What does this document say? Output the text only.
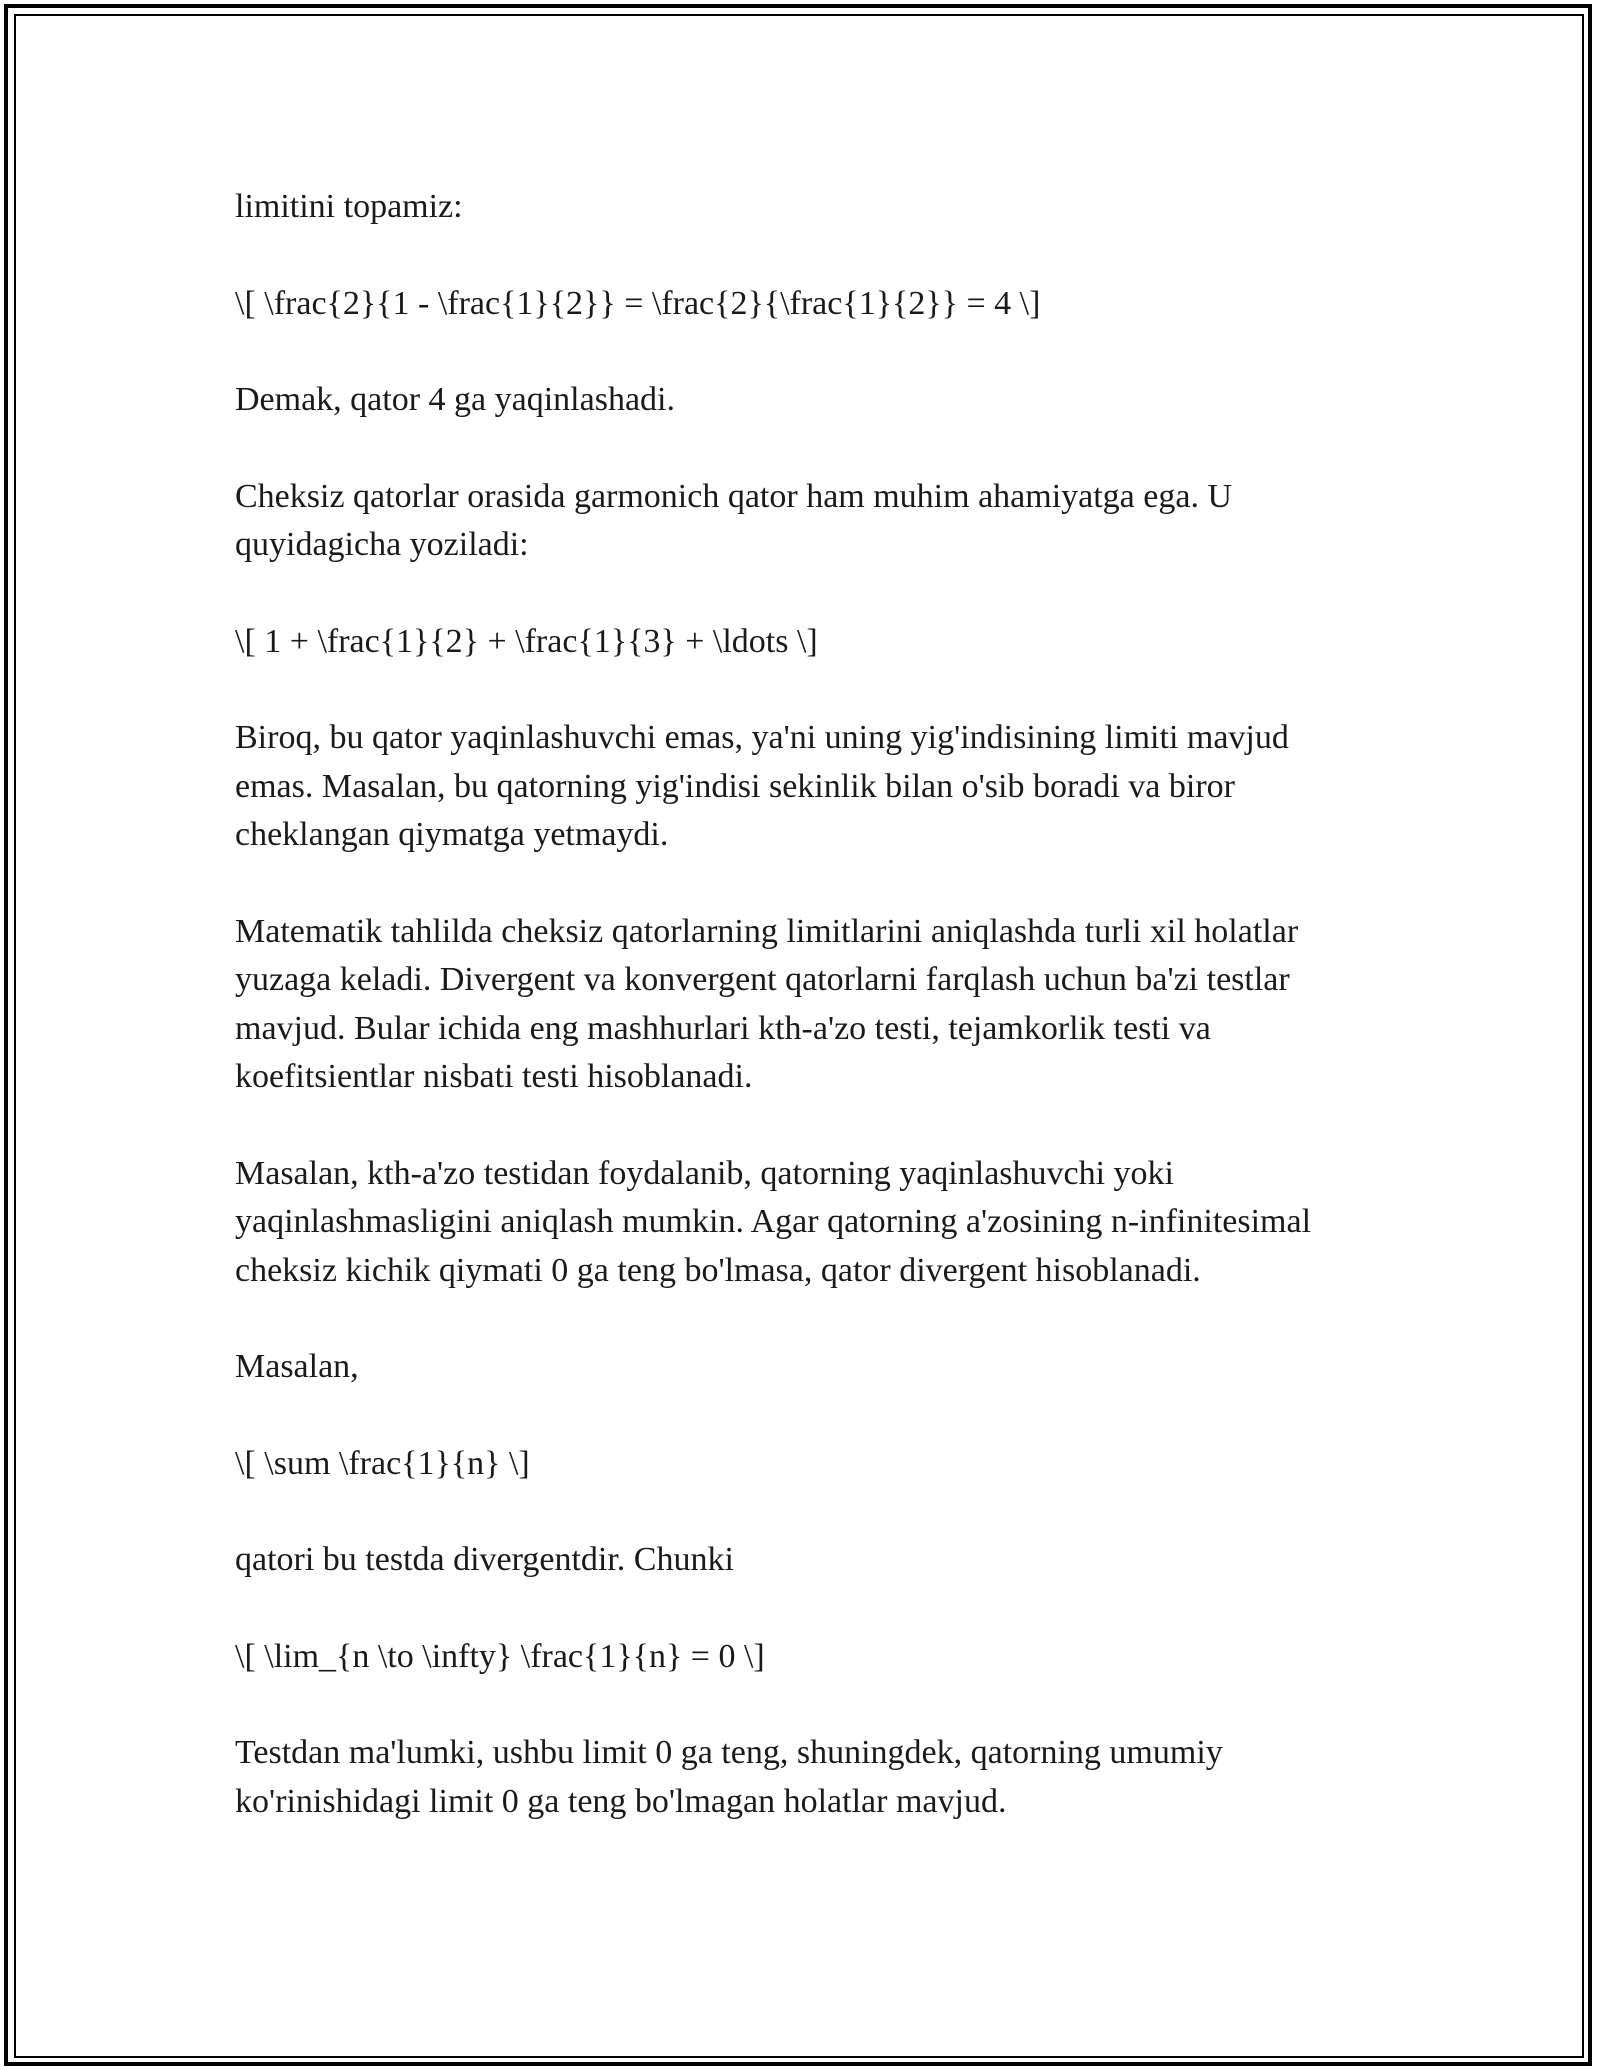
limitini topamiz:

\[ \frac{2}{1 - \frac{1}{2}} = \frac{2}{\frac{1}{2}} = 4 \]

Demak, qator 4 ga yaqinlashadi.

Cheksiz qatorlar orasida garmonich qator ham muhim ahamiyatga ega. U quyidagicha yoziladi:

\[ 1 + \frac{1}{2} + \frac{1}{3} + \ldots \]

Biroq, bu qator yaqinlashuvchi emas, ya'ni uning yig'indisining limiti mavjud emas. Masalan, bu qatorning yig'indisi sekinlik bilan o'sib boradi va biror cheklangan qiymatga yetmaydi.

Matematik tahlilda cheksiz qatorlarning limitlarini aniqlashda turli xil holatlar yuzaga keladi. Divergent va konvergent qatorlarni farqlash uchun ba'zi testlar mavjud. Bular ichida eng mashhurlari kth-a'zo testi, tejamkorlik testi va koefitsientlar nisbati testi hisoblanadi.

Masalan, kth-a'zo testidan foydalanib, qatorning yaqinlashuvchi yoki yaqinlashmasligini aniqlash mumkin. Agar qatorning a'zosining n-infinitesimal cheksiz kichik qiymati 0 ga teng bo'lmasa, qator divergent hisoblanadi.

Masalan,

\[ \sum \frac{1}{n} \]

qatori bu testda divergentdir. Chunki

\[ \lim_{n \to \infty} \frac{1}{n} = 0 \]

Testdan ma'lumki, ushbu limit 0 ga teng, shuningdek, qatorning umumiy ko'rinishidagi limit 0 ga teng bo'lmagan holatlar mavjud.
